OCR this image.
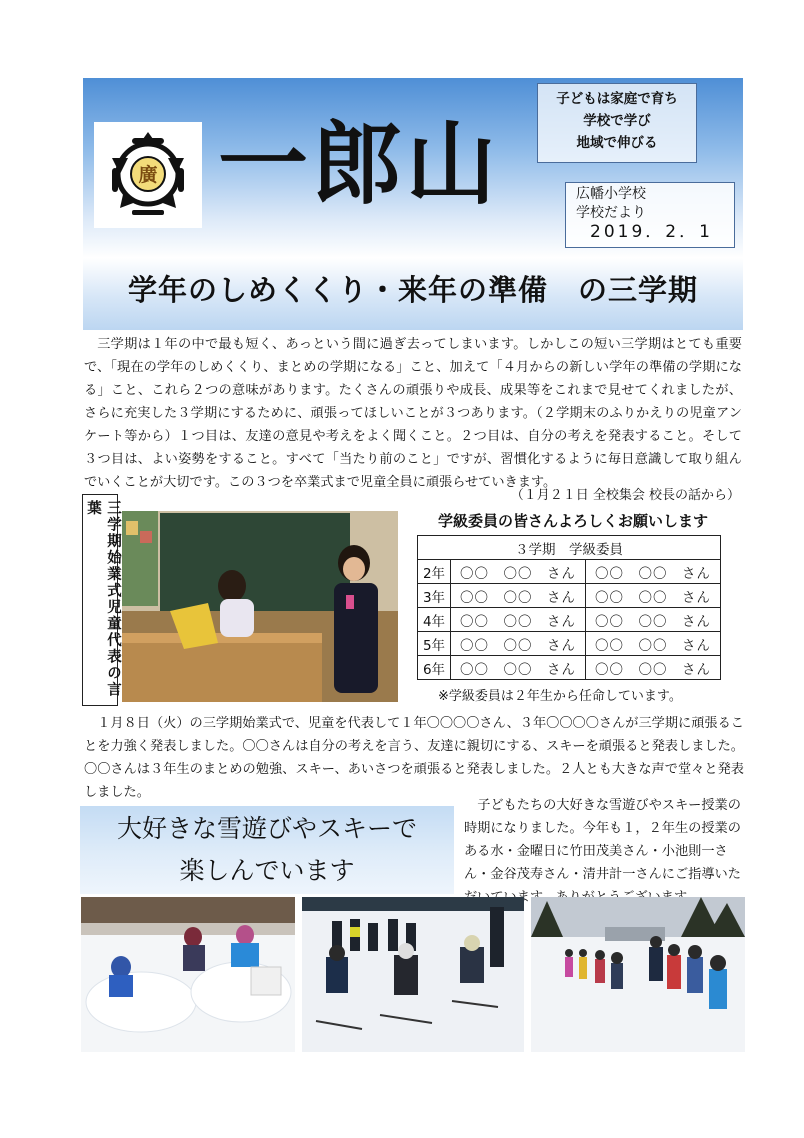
廣 一郎山
子どもは家庭で育ち
学校で学び
地域で伸びる
広幡小学校
学校だより
2019．2．1
学年のしめくくり・来年の準備　の三学期
三学期は１年の中で最も短く、あっという間に過ぎ去ってしまいます。しかしこの短い三学期はとても重要で、「現在の学年のしめくくり、まとめの学期になる」こと、加えて「４月からの新しい学年の準備の学期になる」こと、これら２つの意味があります。たくさんの頑張りや成長、成果等をこれまで見せてくれましたが、さらに充実した３学期にするために、頑張ってほしいことが３つあります。（２学期末のふりかえりの児童アンケート等から）１つ目は、友達の意見や考えをよく聞くこと。２つ目は、自分の考えを発表すること。そして３つ目は、よい姿勢をすること。すべて「当たり前のこと」ですが、習慣化するように毎日意識して取り組んでいくことが大切です。この３つを卒業式まで児童全員に頑張らせていきます。
（１月２１日 全校集会 校長の話から）
三学期始業式児童代表の言葉
学級委員の皆さんよろしくお願いします
３学期　学級委員		
2年	〇〇　〇〇　さん	〇〇　〇〇　さん
3年	〇〇　〇〇　さん	〇〇　〇〇　さん
4年	〇〇　〇〇　さん	〇〇　〇〇　さん
5年	〇〇　〇〇　さん	〇〇　〇〇　さん
6年	〇〇　〇〇　さん	〇〇　〇〇　さん
※学級委員は２年生から任命しています。
１月８日（火）の三学期始業式で、児童を代表して１年〇〇〇〇さん、３年〇〇〇〇さんが三学期に頑張ることを力強く発表しました。〇〇さんは自分の考えを言う、友達に親切にする、スキーを頑張ると発表しました。〇〇さんは３年生のまとめの勉強、スキー、あいさつを頑張ると発表しました。２人とも大きな声で堂々と発表しました。
大好きな雪遊びやスキーで
楽しんでいます
子どもたちの大好きな雪遊びやスキー授業の時期になりました。今年も１，２年生の授業のある水・金曜日に竹田茂美さん・小池則一さん・金谷茂寿さん・清井計一さんにご指導いた
